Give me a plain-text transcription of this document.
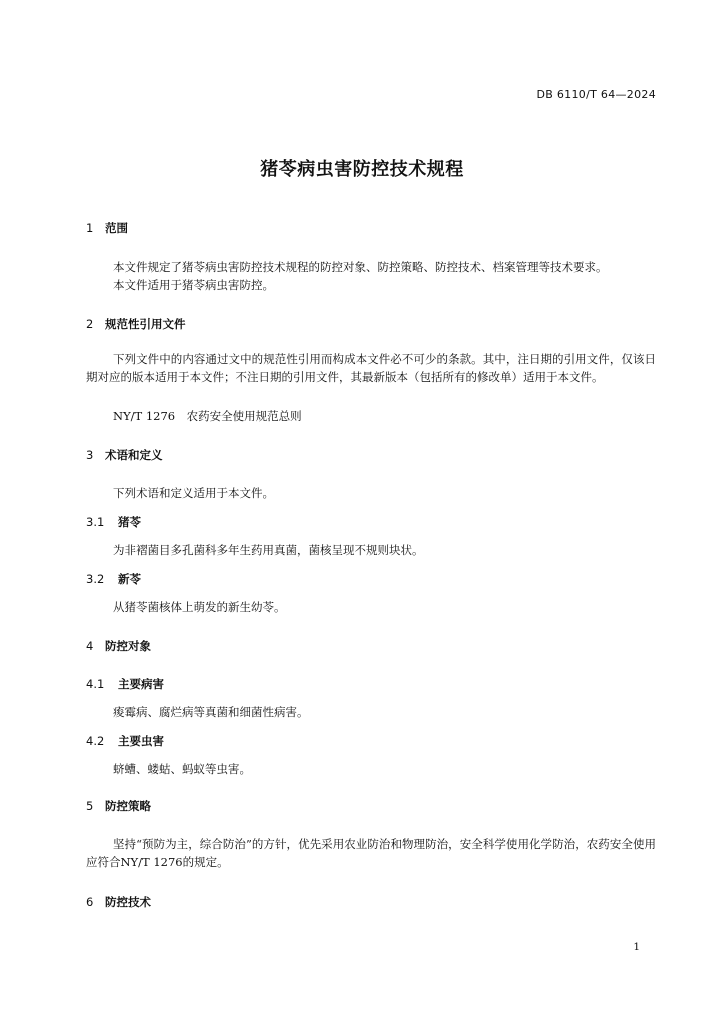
DB 6110/T 64—2024
猪苓病虫害防控技术规程
1 范围
本文件规定了猪苓病虫害防控技术规程的防控对象、防控策略、防控技术、档案管理等技术要求。
本文件适用于猪苓病虫害防控。
2 规范性引用文件
下列文件中的内容通过文中的规范性引用而构成本文件必不可少的条款。其中，注日期的引用文件，仅该日期对应的版本适用于本文件；不注日期的引用文件，其最新版本（包括所有的修改单）适用于本文件。
NY/T 1276　农药安全使用规范总则
3 术语和定义
下列术语和定义适用于本文件。
3.1 猪苓
为非褶菌目多孔菌科多年生药用真菌，菌核呈现不规则块状。
3.2 新苓
从猪苓菌核体上萌发的新生幼苓。
4 防控对象
4.1 主要病害
痠霉病、腐烂病等真菌和细菌性病害。
4.2 主要虫害
蛴螬、蝼蛄、蚂蚁等虫害。
5 防控策略
坚持“预防为主，综合防治”的方针，优先采用农业防治和物理防治，安全科学使用化学防治，农药安全使用应符合NY/T 1276的规定。
6 防控技术
1
